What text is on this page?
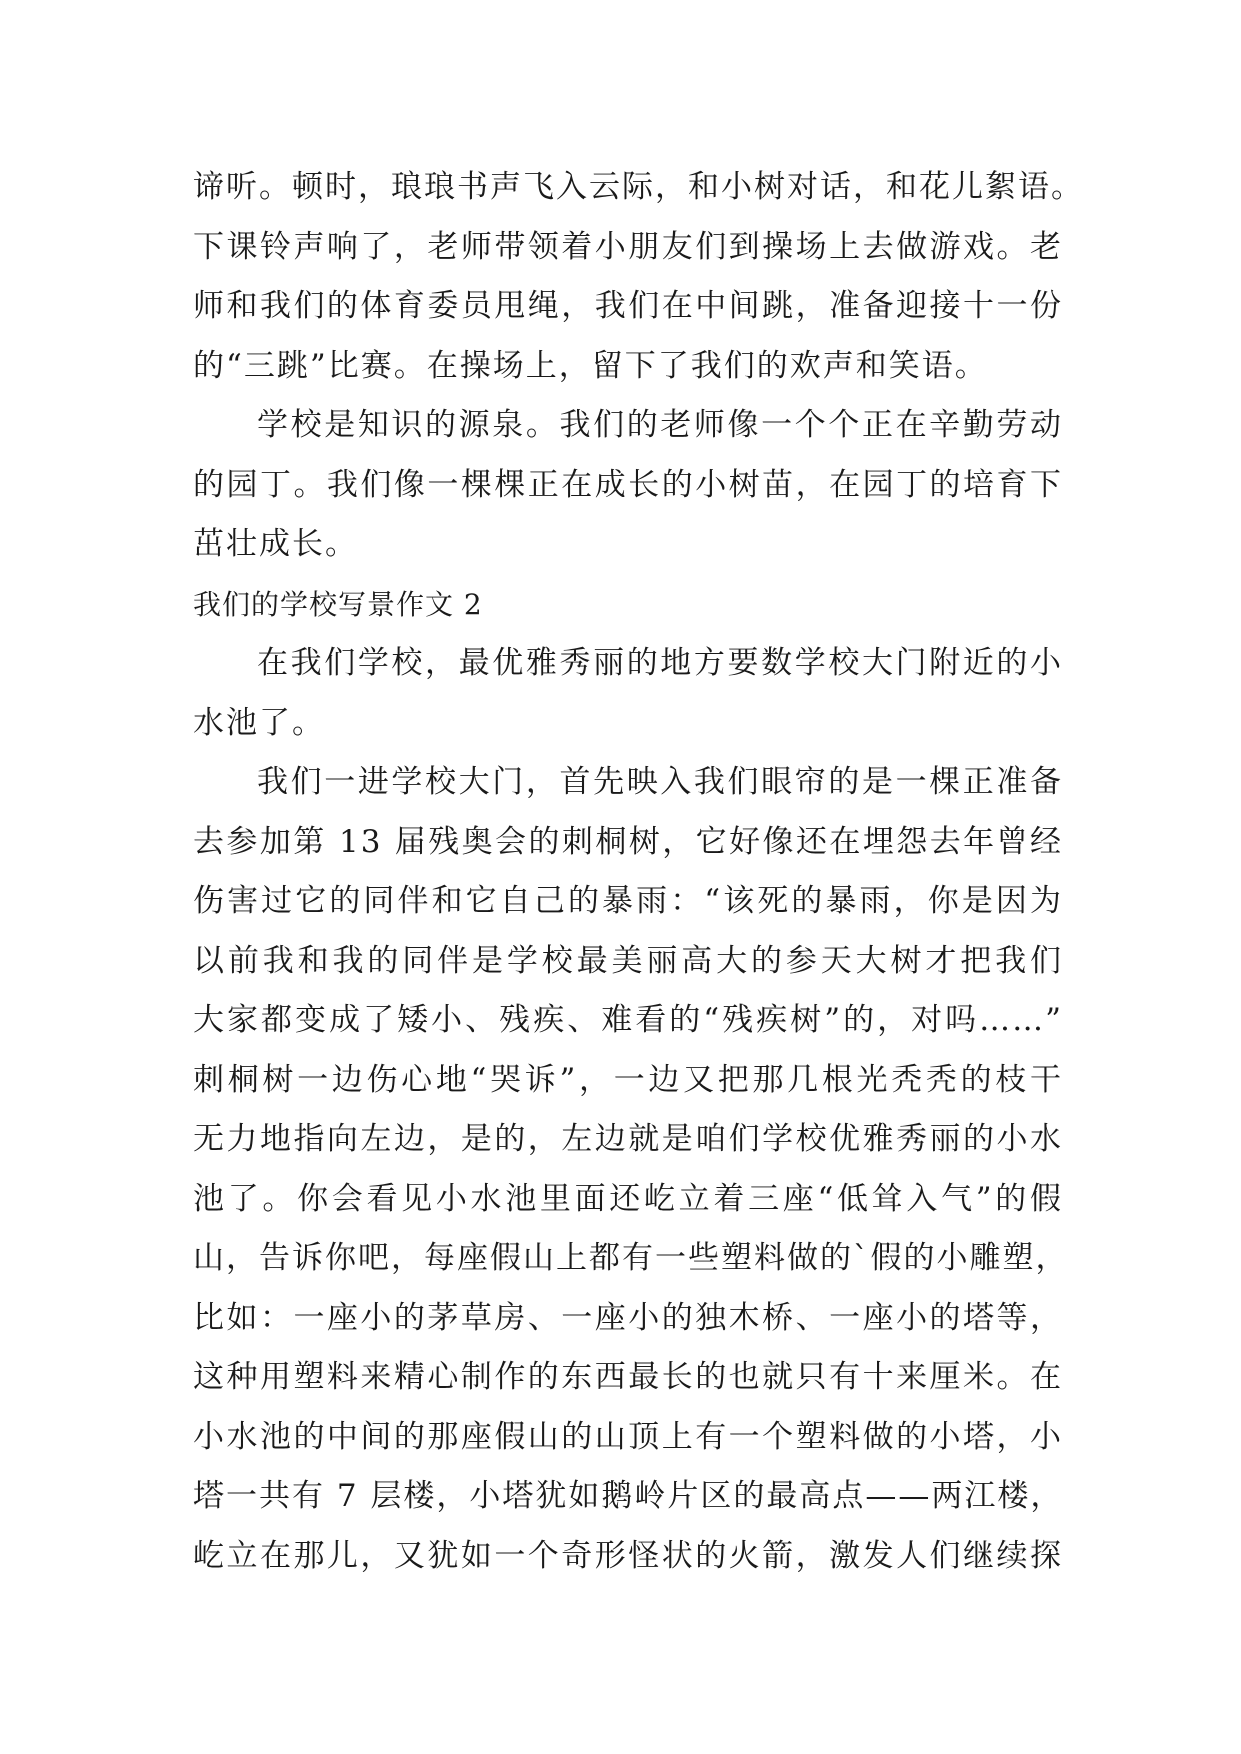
谛听。顿时，琅琅书声飞入云际，和小树对话，和花儿絮语。
下课铃声响了，老师带领着小朋友们到操场上去做游戏。老
师和我们的体育委员甩绳，我们在中间跳，准备迎接十一份
的“三跳”比赛。在操场上，留下了我们的欢声和笑语。
学校是知识的源泉。我们的老师像一个个正在辛勤劳动
的园丁。我们像一棵棵正在成长的小树苗，在园丁的培育下
茁壮成长。
我们的学校写景作文 2
在我们学校，最优雅秀丽的地方要数学校大门附近的小
水池了。
我们一进学校大门，首先映入我们眼帘的是一棵正准备
去参加第 13 届残奥会的刺桐树，它好像还在埋怨去年曾经
伤害过它的同伴和它自己的暴雨：“该死的暴雨，你是因为
以前我和我的同伴是学校最美丽高大的参天大树才把我们
大家都变成了矮小、残疾、难看的“残疾树”的，对吗……”
刺桐树一边伤心地“哭诉”，一边又把那几根光秃秃的枝干
无力地指向左边，是的，左边就是咱们学校优雅秀丽的小水
池了。你会看见小水池里面还屹立着三座“低耸入气”的假
山，告诉你吧，每座假山上都有一些塑料做的`假的小雕塑，
比如：一座小的茅草房、一座小的独木桥、一座小的塔等，
这种用塑料来精心制作的东西最长的也就只有十来厘米。在
小水池的中间的那座假山的山顶上有一个塑料做的小塔，小
塔一共有 7 层楼，小塔犹如鹅岭片区的最高点——两江楼，
屹立在那儿，又犹如一个奇形怪状的火箭，激发人们继续探
